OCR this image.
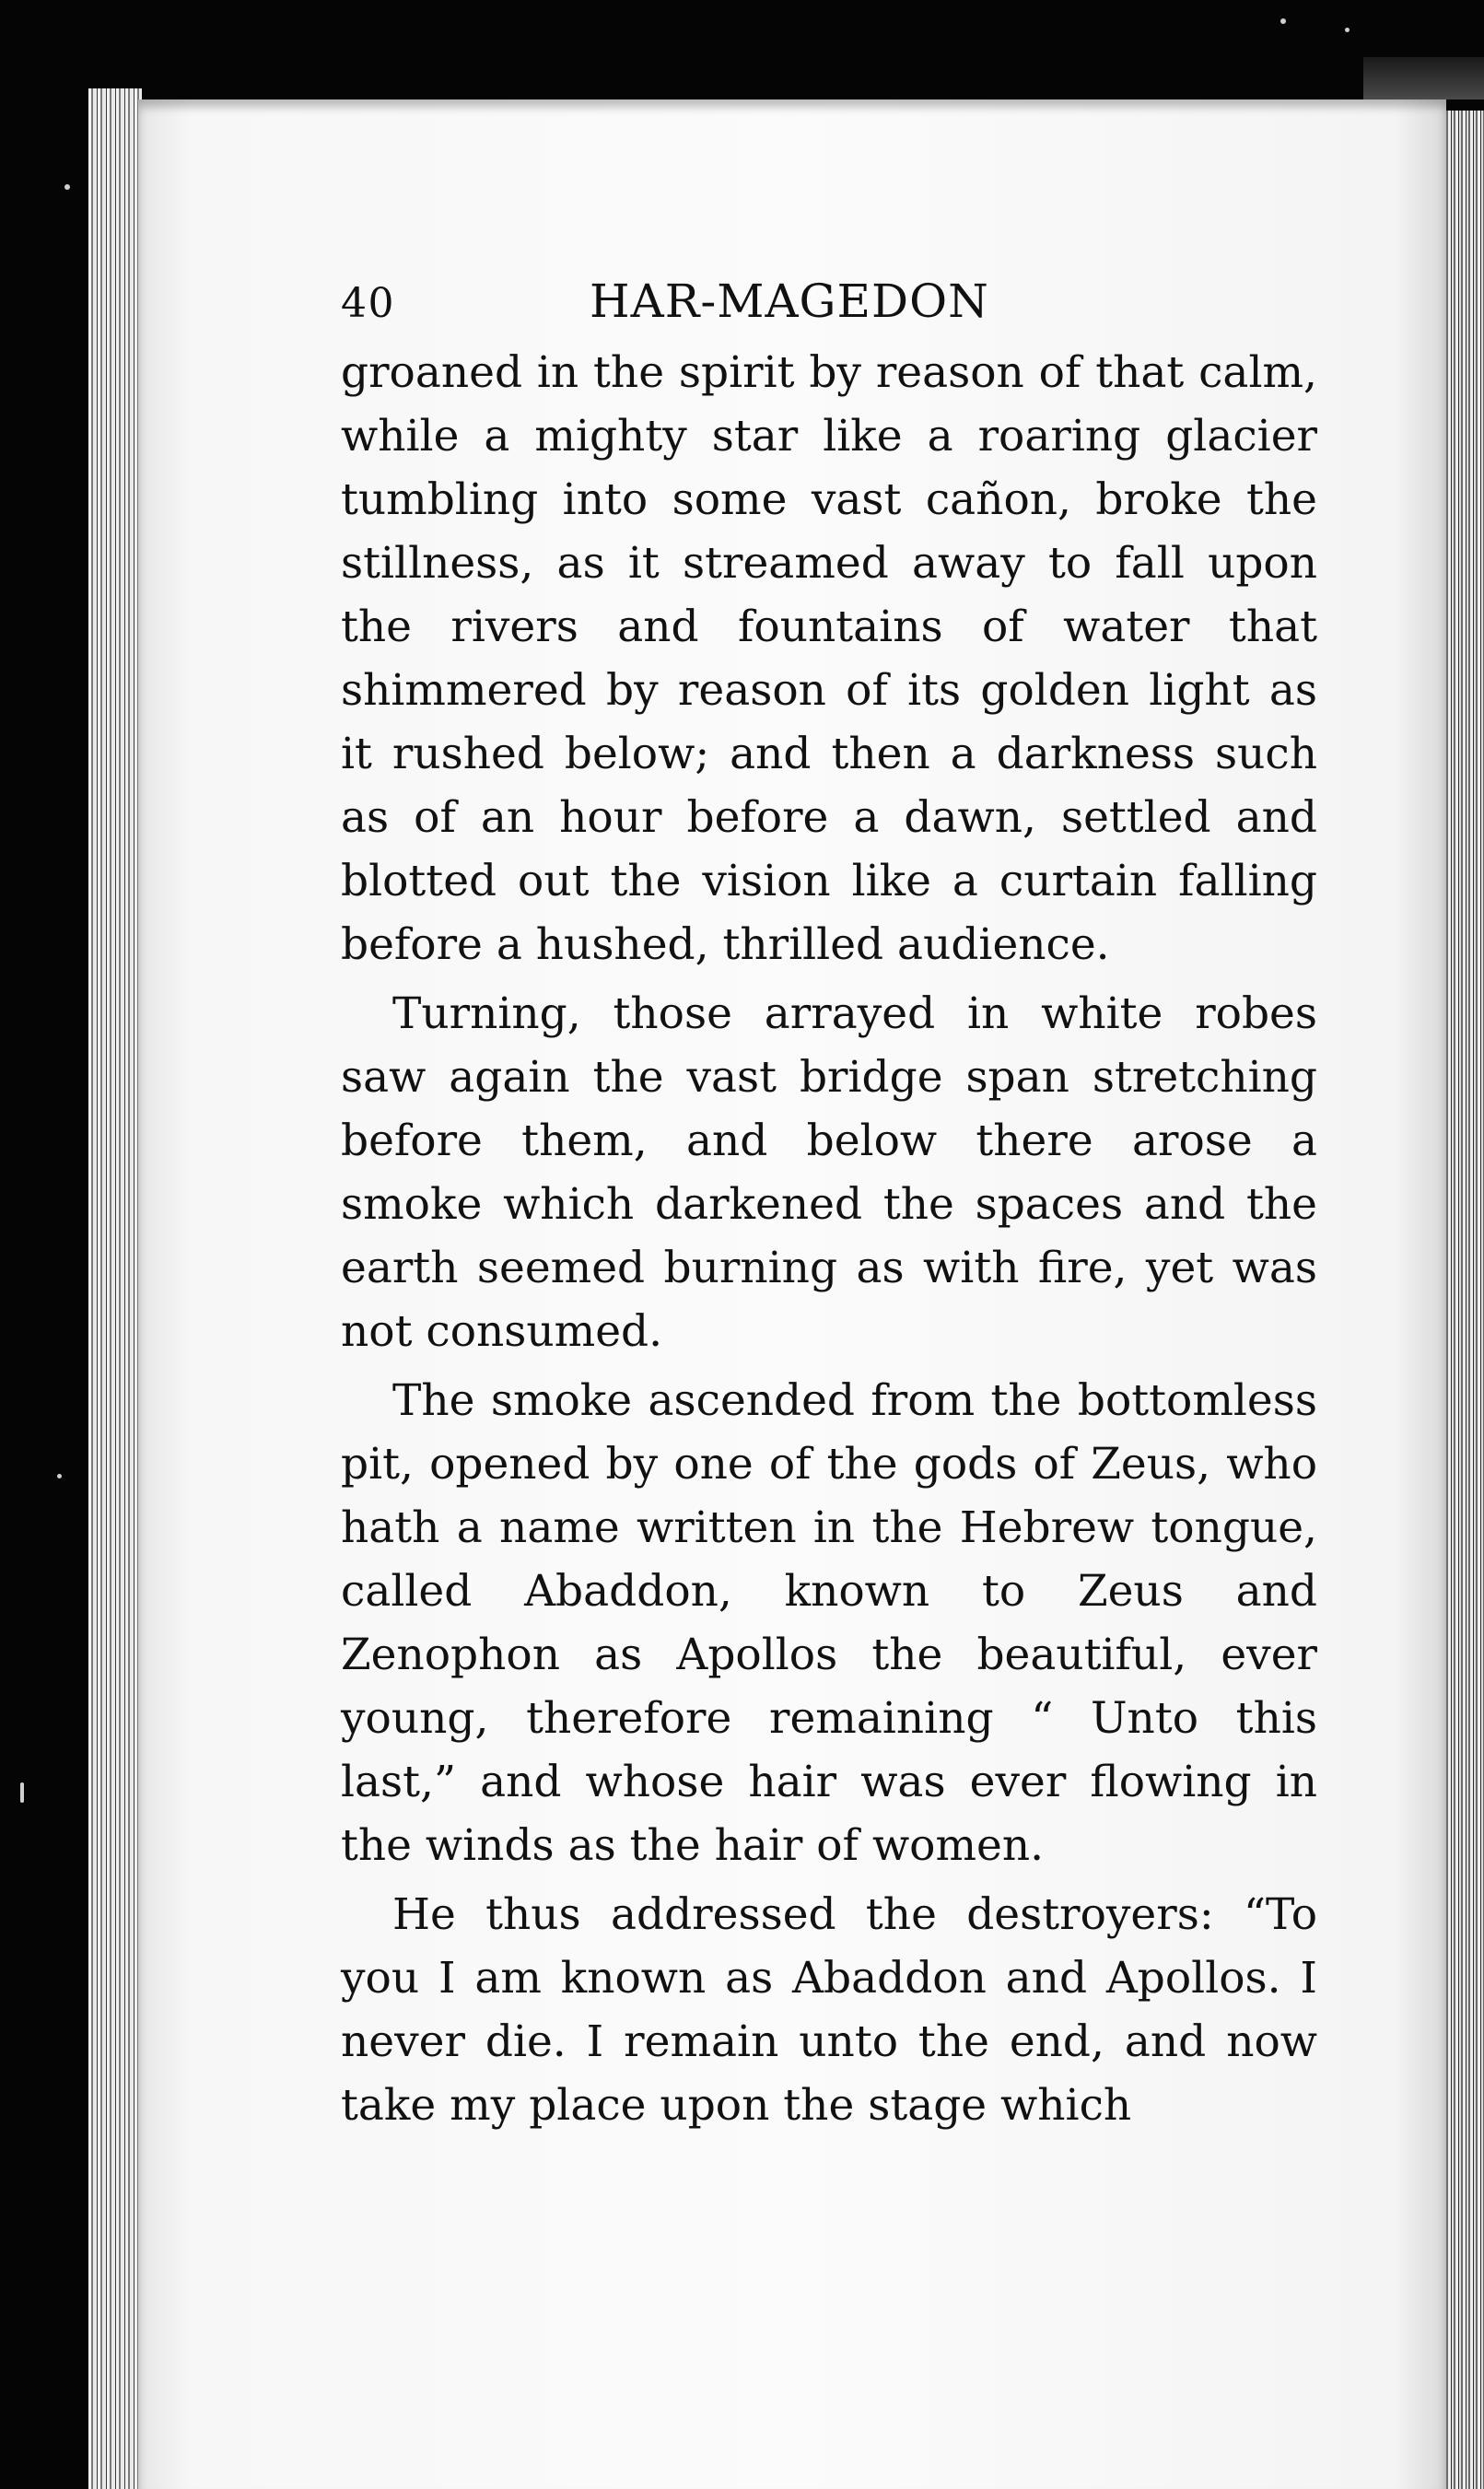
40	HAR-MAGEDON

groaned in the spirit by reason of that calm, while a mighty star like a roaring glacier tumbling into some vast cañon, broke the stillness, as it streamed away to fall upon the rivers and fountains of water that shimmered by reason of its golden light as it rushed below; and then a darkness such as of an hour before a dawn, settled and blotted out the vision like a curtain falling before a hushed, thrilled audience.

Turning, those arrayed in white robes saw again the vast bridge span stretching before them, and below there arose a smoke which darkened the spaces and the earth seemed burning as with fire, yet was not consumed.

The smoke ascended from the bottomless pit, opened by one of the gods of Zeus, who hath a name written in the Hebrew tongue, called Abaddon, known to Zeus and Zenophon as Apollos the beautiful, ever young, therefore remaining “ Unto this last,” and whose hair was ever flowing in the winds as the hair of women.

He thus addressed the destroyers: “To you I am known as Abaddon and Apollos. I never die. I remain unto the end, and now take my place upon the stage which
